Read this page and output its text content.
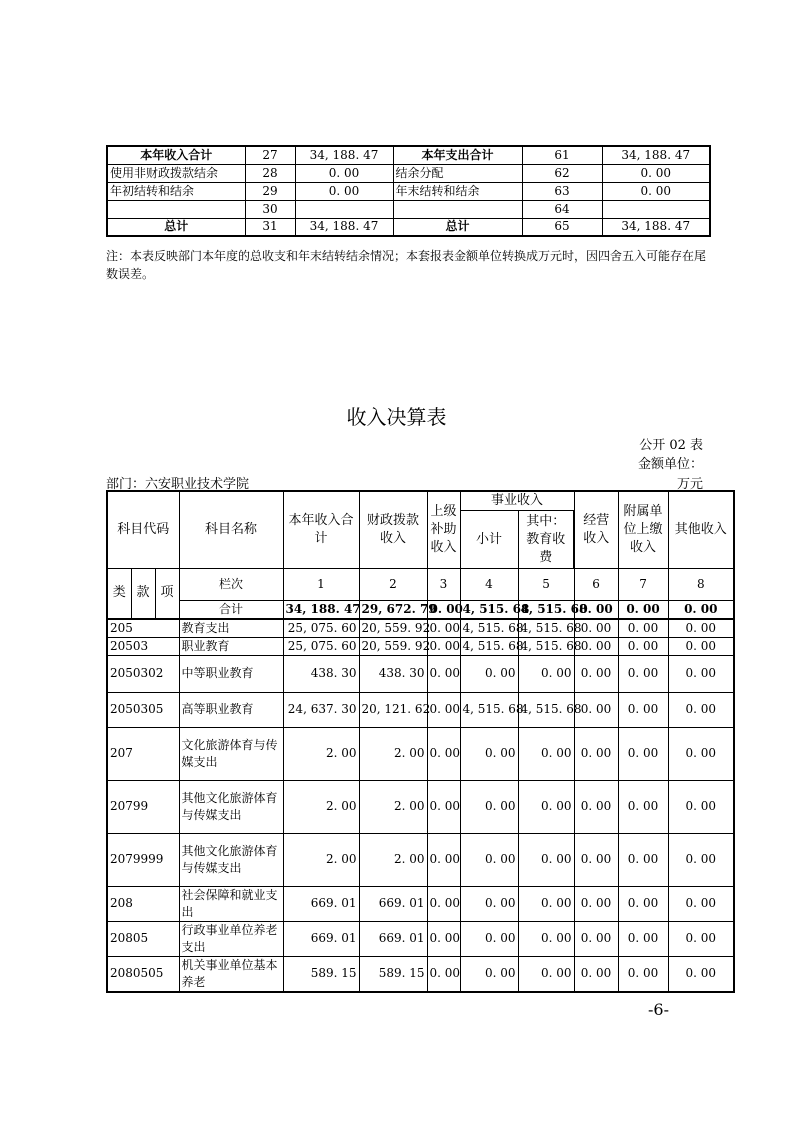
本年收入合计	27	34, 188. 47	本年支出合计	61	34, 188. 47
使用非财政拨款结余	28	0. 00	结余分配	62	0. 00
年初结转和结余	29	0. 00	年末结转和结余	63	0. 00
	30			64	
总计	31	34, 188. 47	总计	65	34, 188. 47
注：本表反映部门本年度的总收支和年末结转结余情况；本套报表金额单位转换成万元时，因四舍五入可能存在尾数误差。
收入决算表
公开 02 表
金额单位：
万元
部门：六安职业技术学院
科目代码			科目名称	本年收入合计	财政拨款收入	上级补助收入	事业收入		经营收入	附属单位上缴收入	其他收入
							小计	其中：教育收费			

类	款	项	栏次	1	2	3	4	5	6	7	8
			合计	34, 188. 47	29, 672. 79	0. 00	4, 515. 68	4, 515. 68	0. 00	0. 00	0. 00
205			教育支出	25, 075. 60	20, 559. 92	0. 00	4, 515. 68	4, 515. 68	0. 00	0. 00	0. 00
20503			职业教育	25, 075. 60	20, 559. 92	0. 00	4, 515. 68	4, 515. 68	0. 00	0. 00	0. 00
2050302			中等职业教育	438. 30	438. 30	0. 00	0. 00	0. 00	0. 00	0. 00	0. 00
2050305			高等职业教育	24, 637. 30	20, 121. 62	0. 00	4, 515. 68	4, 515. 68	0. 00	0. 00	0. 00
207			文化旅游体育与传媒支出	2. 00	2. 00	0. 00	0. 00	0. 00	0. 00	0. 00	0. 00
20799			其他文化旅游体育与传媒支出	2. 00	2. 00	0. 00	0. 00	0. 00	0. 00	0. 00	0. 00
2079999			其他文化旅游体育与传媒支出	2. 00	2. 00	0. 00	0. 00	0. 00	0. 00	0. 00	0. 00
208			社会保障和就业支出	669. 01	669. 01	0. 00	0. 00	0. 00	0. 00	0. 00	0. 00
20805			行政事业单位养老支出	669. 01	669. 01	0. 00	0. 00	0. 00	0. 00	0. 00	0. 00
2080505			机关事业单位基本养老	589. 15	589. 15	0. 00	0. 00	0. 00	0. 00	0. 00	0. 00
-6-
